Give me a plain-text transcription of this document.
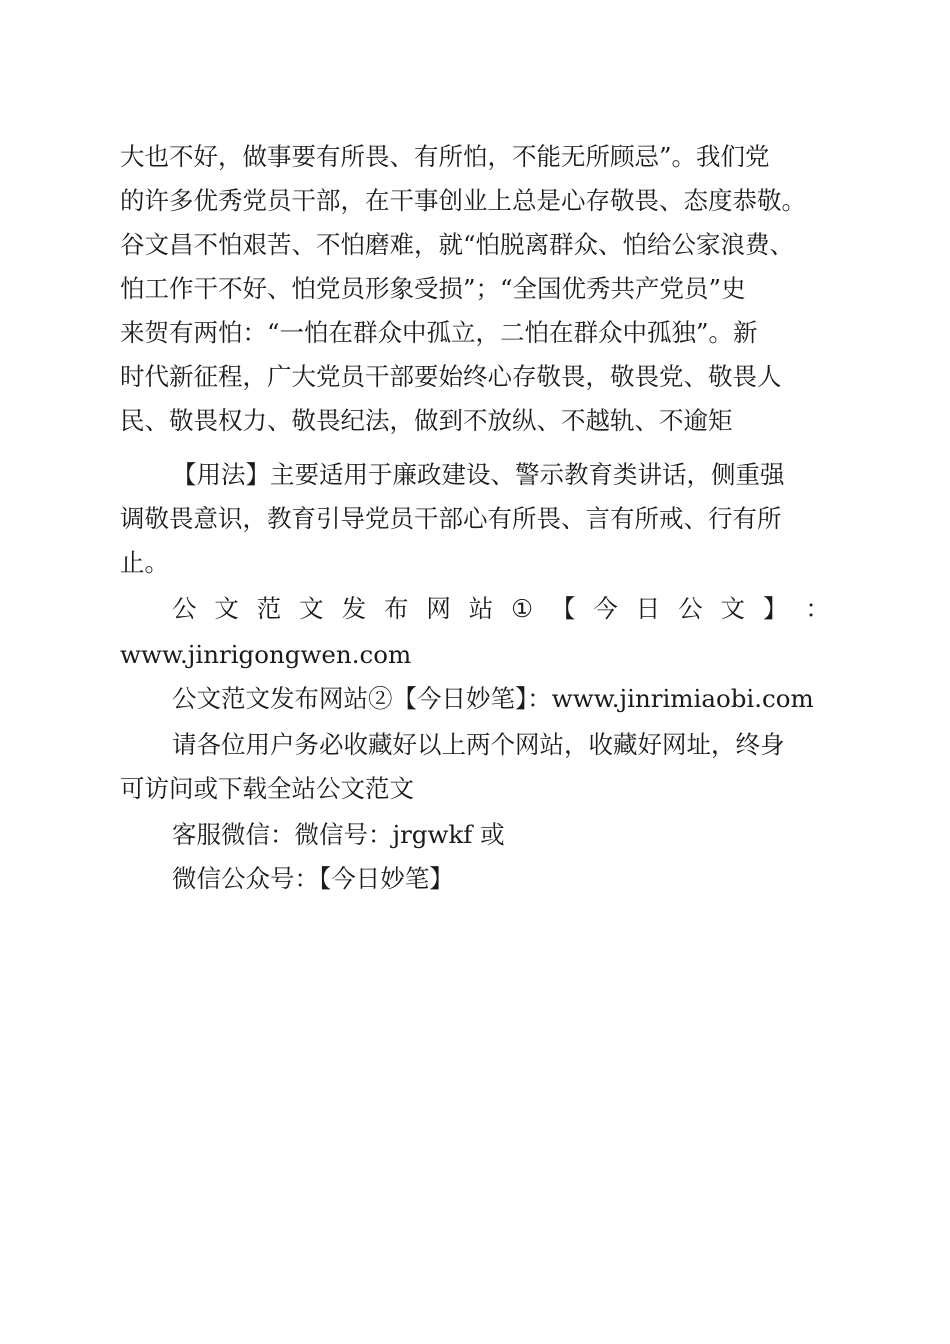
大也不好，做事要有所畏、有所怕，不能无所顾忌”。我们党
的许多优秀党员干部，在干事创业上总是心存敬畏、态度恭敬。
谷文昌不怕艰苦、不怕磨难，就“怕脱离群众、怕给公家浪费、
怕工作干不好、怕党员形象受损”；“全国优秀共产党员”史
来贺有两怕：“一怕在群众中孤立，二怕在群众中孤独”。新
时代新征程，广大党员干部要始终心存敬畏，敬畏党、敬畏人
民、敬畏权力、敬畏纪法，做到不放纵、不越轨、不逾矩
【用法】主要适用于廉政建设、警示教育类讲话，侧重强
调敬畏意识，教育引导党员干部心有所畏、言有所戒、行有所
止。
公 文 范 文 发 布 网 站 ① 【 今 日 公 文 】 ：
www.jinrigongwen.com
公文范文发布网站②【今日妙笔】：www.jinrimiaobi.com
请各位用户务必收藏好以上两个网站，收藏好网址，终身
可访问或下载全站公文范文
客服微信：微信号：jrgwkf 或
微信公众号：【今日妙笔】
